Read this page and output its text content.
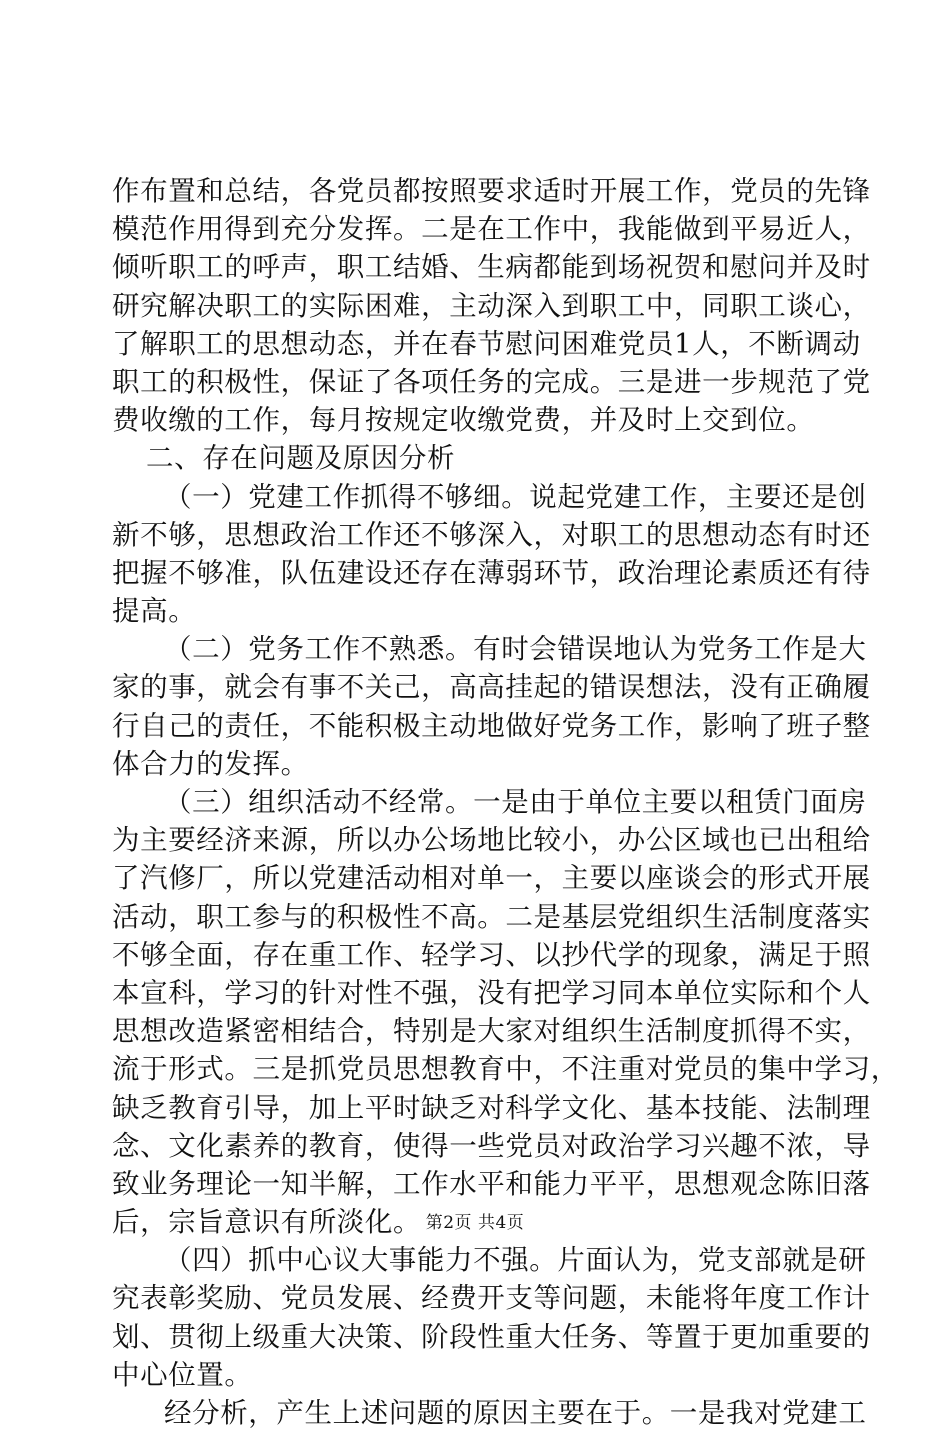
作布置和总结，各党员都按照要求适时开展工作，党员的先锋
模范作用得到充分发挥。二是在工作中，我能做到平易近人，
倾听职工的呼声，职工结婚、生病都能到场祝贺和慰问并及时
研究解决职工的实际困难，主动深入到职工中，同职工谈心，
了解职工的思想动态，并在春节慰问困难党员1人，不断调动
职工的积极性，保证了各项任务的完成。三是进一步规范了党
费收缴的工作，每月按规定收缴党费，并及时上交到位。
二、存在问题及原因分析
（一）党建工作抓得不够细。说起党建工作，主要还是创
新不够，思想政治工作还不够深入，对职工的思想动态有时还
把握不够准，队伍建设还存在薄弱环节，政治理论素质还有待
提高。
（二）党务工作不熟悉。有时会错误地认为党务工作是大
家的事，就会有事不关己，高高挂起的错误想法，没有正确履
行自己的责任，不能积极主动地做好党务工作，影响了班子整
体合力的发挥。
（三）组织活动不经常。一是由于单位主要以租赁门面房
为主要经济来源，所以办公场地比较小，办公区域也已出租给
了汽修厂，所以党建活动相对单一，主要以座谈会的形式开展
活动，职工参与的积极性不高。二是基层党组织生活制度落实
不够全面，存在重工作、轻学习、以抄代学的现象，满足于照
本宣科，学习的针对性不强，没有把学习同本单位实际和个人
思想改造紧密相结合，特别是大家对组织生活制度抓得不实，
流于形式。三是抓党员思想教育中，不注重对党员的集中学习，
缺乏教育引导，加上平时缺乏对科学文化、基本技能、法制理
念、文化素养的教育，使得一些党员对政治学习兴趣不浓，导
致业务理论一知半解，工作水平和能力平平，思想观念陈旧落
后，宗旨意识有所淡化。
（四）抓中心议大事能力不强。片面认为，党支部就是研
究表彰奖励、党员发展、经费开支等问题，未能将年度工作计
划、贯彻上级重大决策、阶段性重大任务、等置于更加重要的
中心位置。
经分析，产生上述问题的原因主要在于。一是我对党建工
第2页 共4页
